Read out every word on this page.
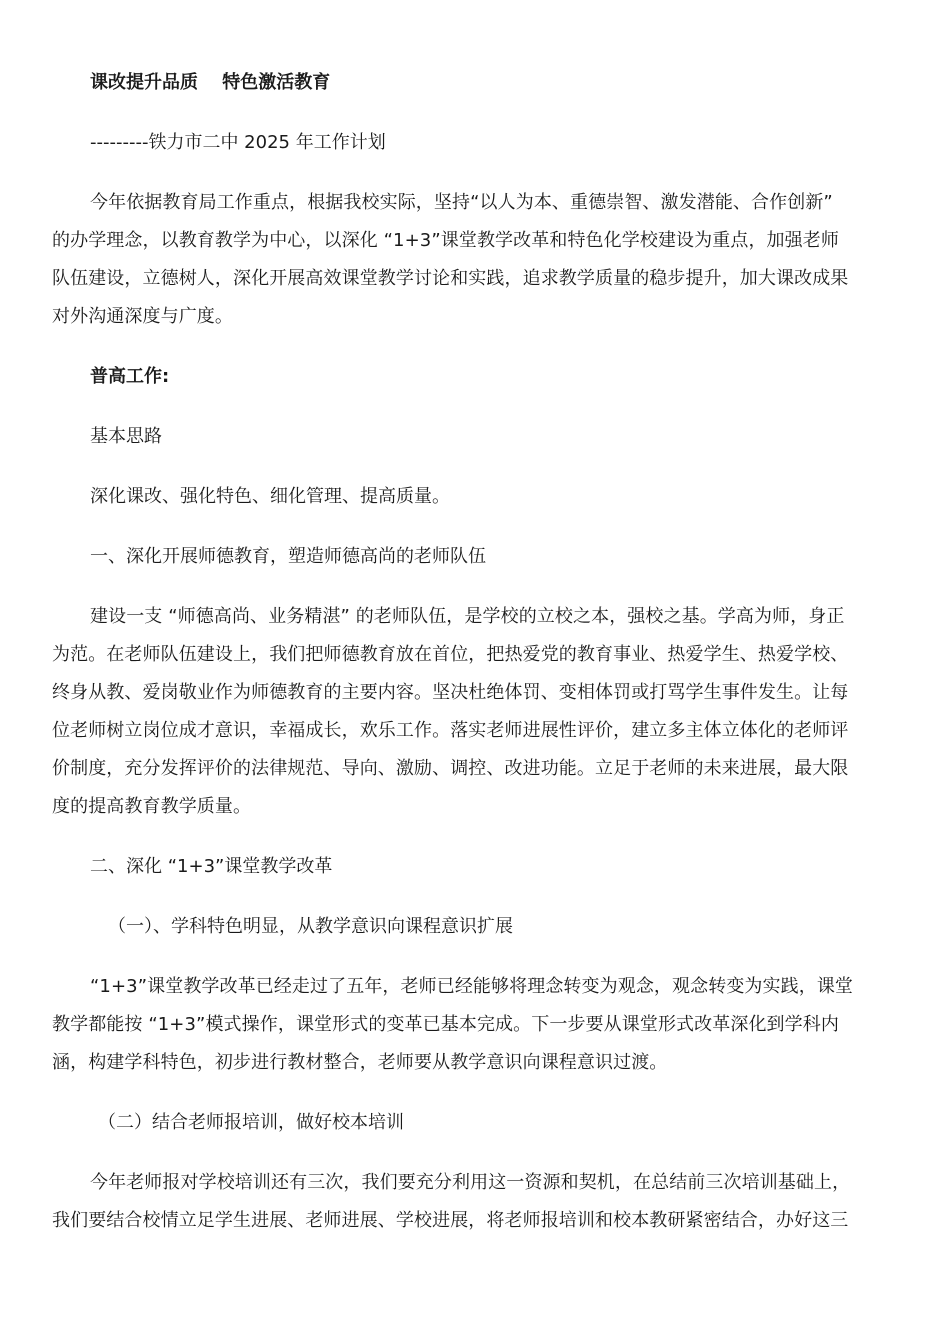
课改提升品质　 特色激活教育

---------铁力市二中 2025 年工作计划

今年依据教育局工作重点，根据我校实际，坚持“以人为本、重德崇智、激发潜能、合作创新”
的办学理念，以教育教学为中心，以深化 “1+3”课堂教学改革和特色化学校建设为重点，加强老师
队伍建设，立德树人，深化开展高效课堂教学讨论和实践，追求教学质量的稳步提升，加大课改成果
对外沟通深度与广度。

普高工作:

基本思路

深化课改、强化特色、细化管理、提高质量。

一、深化开展师德教育，塑造师德高尚的老师队伍

建设一支 “师德高尚、业务精湛” 的老师队伍，是学校的立校之本，强校之基。学高为师，身正
为范。在老师队伍建设上，我们把师德教育放在首位，把热爱党的教育事业、热爱学生、热爱学校、
终身从教、爱岗敬业作为师德教育的主要内容。坚决杜绝体罚、变相体罚或打骂学生事件发生。让每
位老师树立岗位成才意识，幸福成长，欢乐工作。落实老师进展性评价，建立多主体立体化的老师评
价制度，充分发挥评价的法律规范、导向、激励、调控、改进功能。立足于老师的未来进展，最大限
度的提高教育教学质量。

二、深化 “1+3”课堂教学改革

（一）、学科特色明显，从教学意识向课程意识扩展

“1+3”课堂教学改革已经走过了五年，老师已经能够将理念转变为观念，观念转变为实践，课堂
教学都能按 “1+3”模式操作，课堂形式的变革已基本完成。下一步要从课堂形式改革深化到学科内
涵，构建学科特色，初步进行教材整合，老师要从教学意识向课程意识过渡。

（二）结合老师报培训，做好校本培训

今年老师报对学校培训还有三次，我们要充分利用这一资源和契机，在总结前三次培训基础上，
我们要结合校情立足学生进展、老师进展、学校进展，将老师报培训和校本教研紧密结合，办好这三
